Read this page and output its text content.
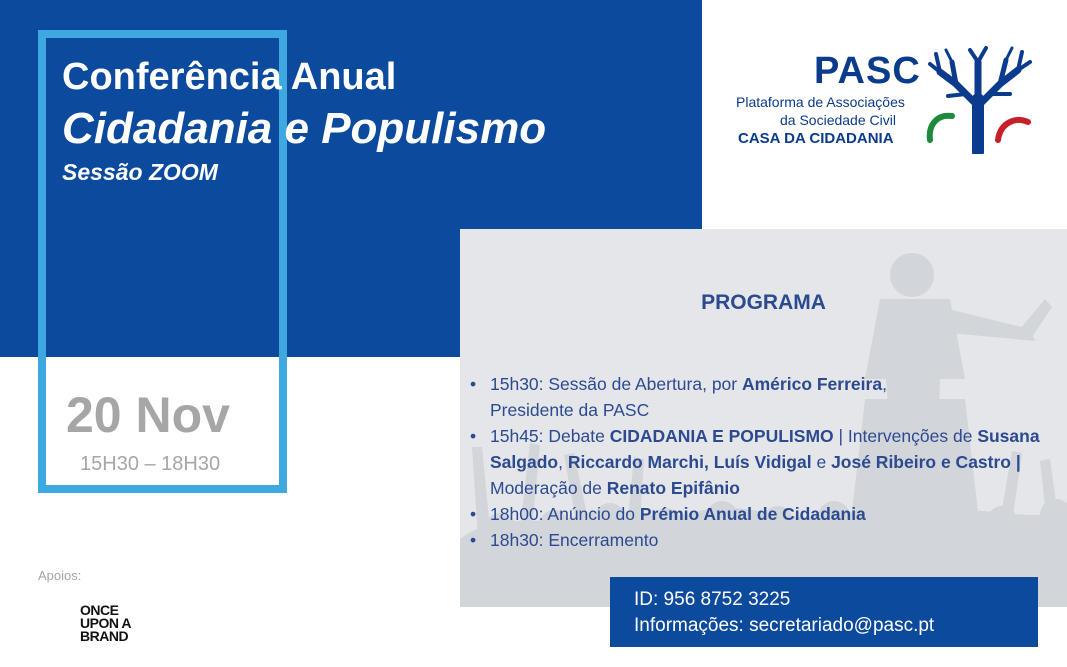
Conferência Anual
Cidadania e Populismo
Sessão ZOOM
20 Nov
15H30 – 18H30
PASC
Plataforma de Associações
da Sociedade Civil
CASA DA CIDADANIA
PROGRAMA
• 15h30: Sessão de Abertura, por Américo Ferreira,
Presidente da PASC
• 15h45: Debate CIDADANIA E POPULISMO | Intervenções de Susana Salgado, Riccardo Marchi, Luís Vidigal e José Ribeiro e Castro | Moderação de Renato Epifânio
• 18h00: Anúncio do Prémio Anual de Cidadania
• 18h30: Encerramento
ID: 956 8752 3225
Informações: secretariado@pasc.pt
Apoios:
ONCE
UPON A
BRAND
